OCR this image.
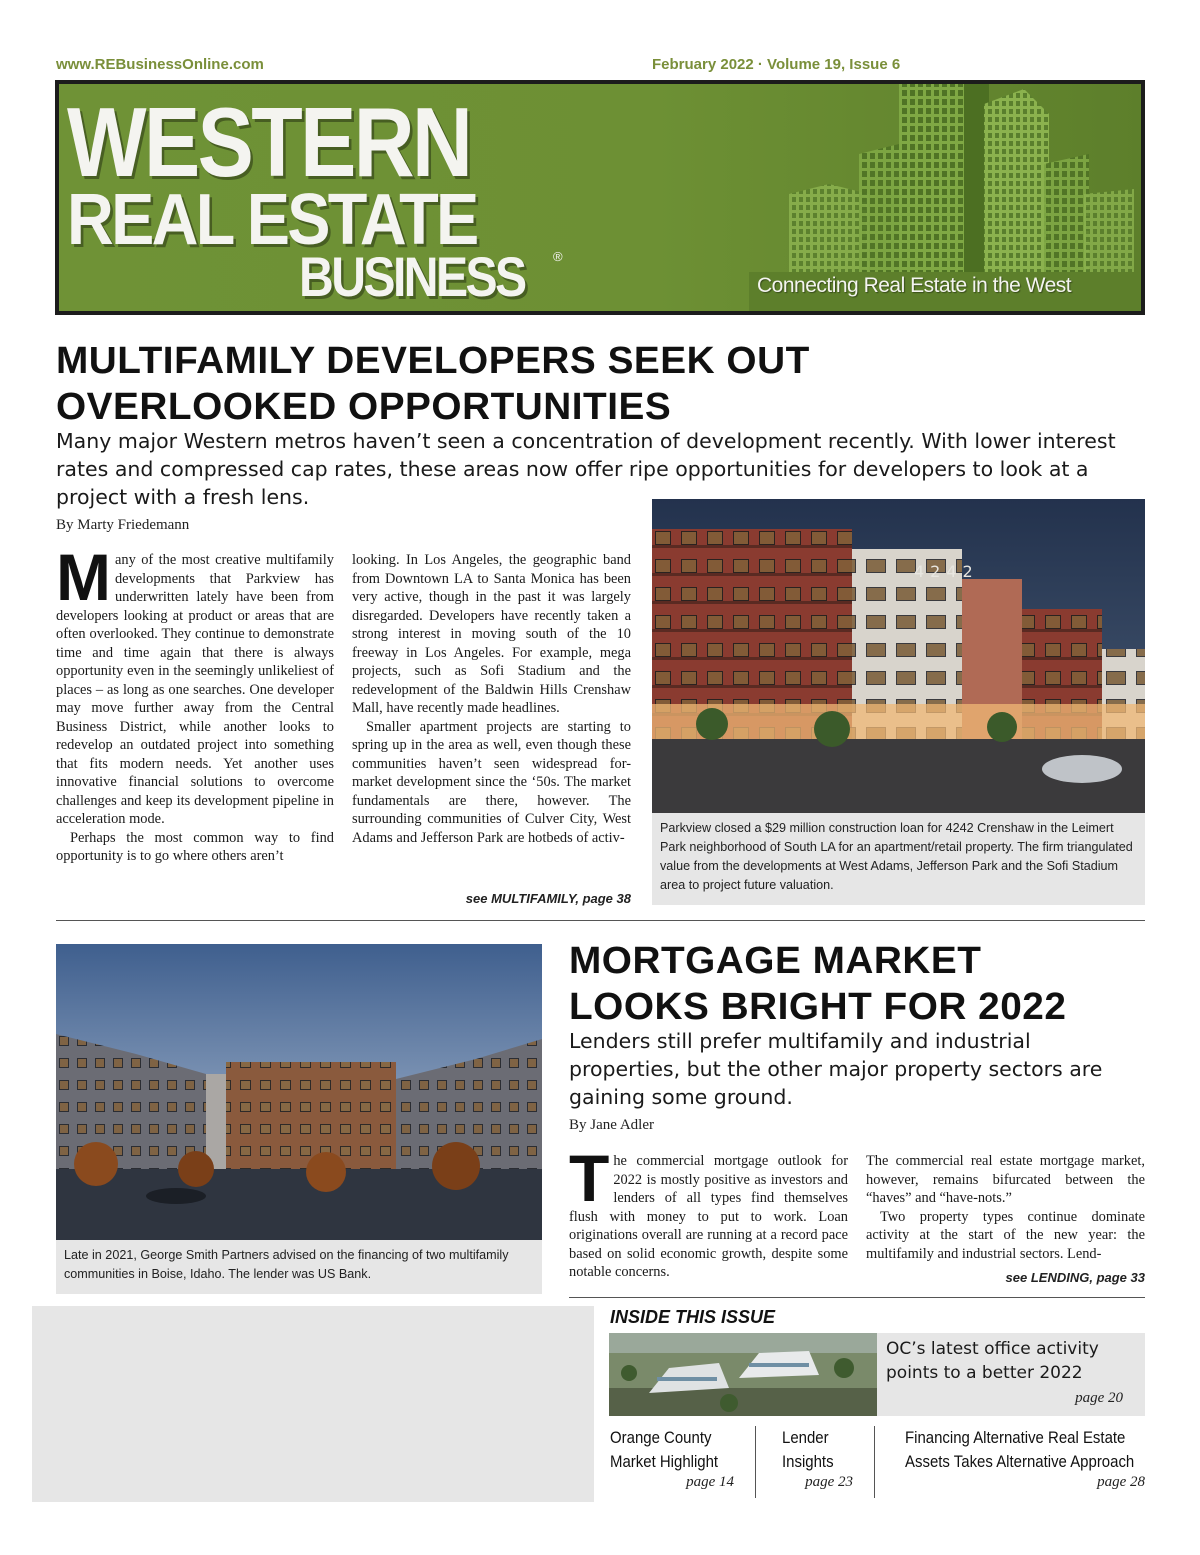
www.REBusinessOnline.com	February 2022 · Volume 19, Issue 6
WESTERN
REAL ESTATE
BUSINESS ®
Connecting Real Estate in the West
MULTIFAMILY DEVELOPERS SEEK OUT
OVERLOOKED OPPORTUNITIES
Many major Western metros haven’t seen a concentration of development recently. With lower interest rates and compressed cap rates, these areas now offer ripe opportunities for developers to look at a project with a fresh lens.
By Marty Friedemann

Many of the most creative multifamily developments that Parkview has underwritten lately have been from developers looking at product or areas that are often overlooked. They continue to demonstrate time and time again that there is always opportunity even in the seemingly unlikeliest of places – as long as one searches. One developer may move further away from the Central Business District, while another looks to redevelop an outdated project into something that fits modern needs. Yet another uses innovative financial solutions to overcome challenges and keep its development pipeline in acceleration mode.

Perhaps the most common way to find opportunity is to go where others aren’t

looking. In Los Angeles, the geographic band from Downtown LA to Santa Monica has been very active, though in the past it was largely disregarded. Developers have recently taken a strong interest in moving south of the 10 freeway in Los Angeles. For example, mega projects, such as Sofi Stadium and the redevelopment of the Baldwin Hills Crenshaw Mall, have recently made headlines.

Smaller apartment projects are starting to spring up in the area as well, even though these communities haven’t seen widespread for-market development since the ‘50s. The market fundamentals are there, however. The surrounding communities of Culver City, West Adams and Jefferson Park are hotbeds of activ-

see MULTIFAMILY, page 38
4242
Parkview closed a $29 million construction loan for 4242 Crenshaw in the Leimert Park neighborhood of South LA for an apartment/retail property. The firm triangulated value from the developments at West Adams, Jefferson Park and the Sofi Stadium area to project future valuation.
Late in 2021, George Smith Partners advised on the financing of two multifamily communities in Boise, Idaho. The lender was US Bank.
MORTGAGE MARKET
LOOKS BRIGHT FOR 2022
Lenders still prefer multifamily and industrial properties, but the other major property sectors are gaining some ground.
By Jane Adler

The commercial mortgage outlook for 2022 is mostly positive as investors and lenders of all types find themselves flush with money to put to work. Loan originations overall are running at a record pace based on solid economic growth, despite some notable concerns.

The commercial real estate mortgage market, however, remains bifurcated between the “haves” and “have-nots.”

Two property types continue dominate activity at the start of the new year: the multifamily and industrial sectors. Lend-

see LENDING, page 33
INSIDE THIS ISSUE
OC’s latest office activity
points to a better 2022
page 20
Orange County
Market Highlight
page 14
Lender
Insights
page 23
Financing Alternative Real Estate
Assets Takes Alternative Approach
page 28
